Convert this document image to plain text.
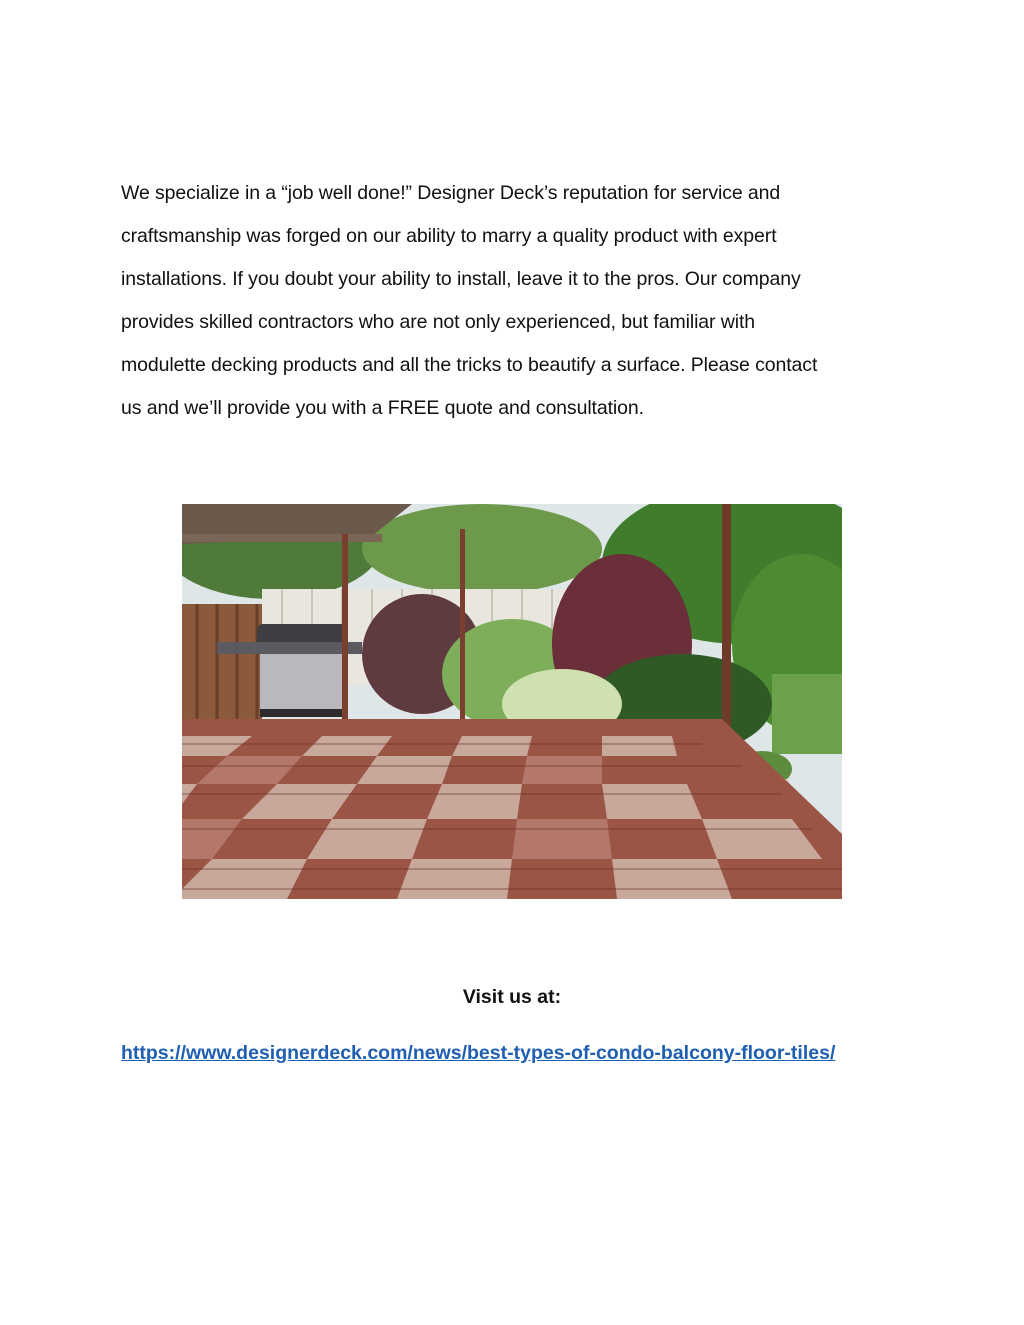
We specialize in a “job well done!” Designer Deck’s reputation for service and
craftsmanship was forged on our ability to marry a quality product with expert
installations. If you doubt your ability to install, leave it to the pros. Our company
provides skilled contractors who are not only experienced, but familiar with
modulette decking products and all the tricks to beautify a surface. Please contact
us and we’ll provide you with a FREE quote and consultation.

Visit us at:
https://www.designerdeck.com/news/best-types-of-condo-balcony-floor-tiles/
